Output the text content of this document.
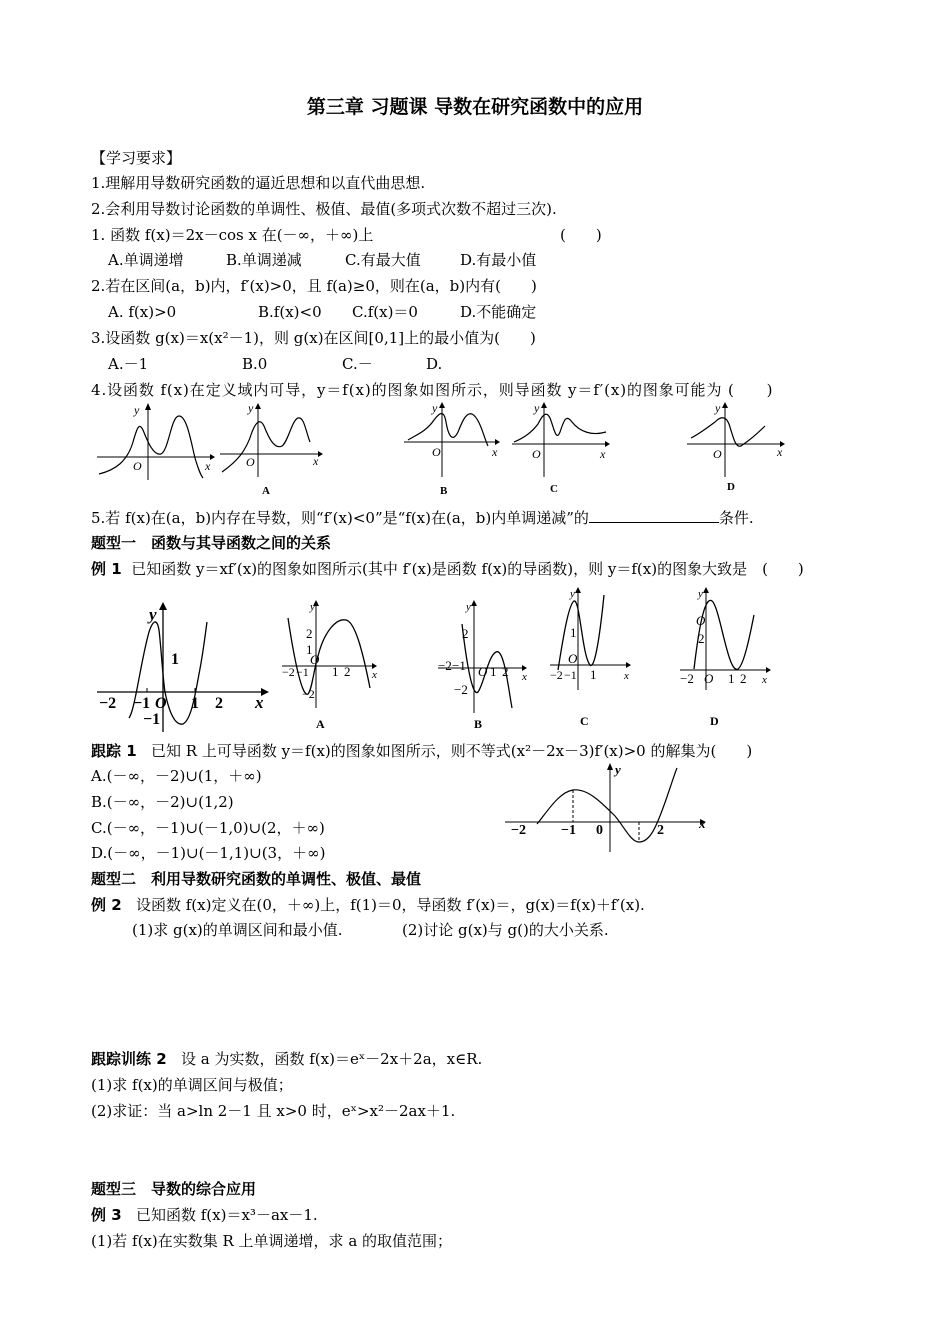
第三章 习题课 导数在研究函数中的应用
【学习要求】
1.理解用导数研究函数的逼近思想和以直代曲思想.
2.会利用导数讨论函数的单调性、极值、最值(多项式次数不超过三次).
1. 函数 f(x)＝2x－cos x 在(－∞，＋∞)上	(　　)
A.单调递增	B.单调递减	C.有最大值	D.有最小值
2.若在区间(a，b)内，f′(x)>0，且 f(a)≥0，则在(a，b)内有(　　)
A. f(x)>0	B.f(x)<0 C.f(x)＝0	D.不能确定
3.设函数 g(x)＝x(x²－1)，则 g(x)在区间[0,1]上的最小值为(　　)
A.－1	B.0	C.－	D.
4.设函数 f(x)在定义域内可导，y＝f(x)的图象如图所示，则导函数 y＝f′(x)的图象可能为 (　　)
y
x
O
y
x
O
A
y
x
O
B
y
x
O
C
y
x
O
D
5.若 f(x)在(a，b)内存在导数，则“f′(x)<0”是“f(x)在(a，b)内单调递减”的	条件.
题型一　函数与其导函数之间的关系
例 1 已知函数 y＝xf′(x)的图象如图所示(其中 f′(x)是函数 f(x)的导函数)，则 y＝f(x)的图象大致是　(　　)
y
x
−2 −1 O 1 2
1
−1
y
x
2
1
−2 −1
O
1 2
−2
A
y
x
2
−2 −1 O 1 2
−2
B
y
x
1
O
−2 −1 1
C
y
x
O
2
−2 O 1 2
D
跟踪 1 已知 R 上可导函数 y＝f(x)的图象如图所示，则不等式(x²－2x－3)f′(x)>0 的解集为(　　)
A.(－∞，－2)∪(1，＋∞)
B.(－∞，－2)∪(1,2)
C.(－∞，－1)∪(－1,0)∪(2，＋∞)
D.(－∞，－1)∪(－1,1)∪(3，＋∞)
y
x
−2	−1 0	2
题型二　利用导数研究函数的单调性、极值、最值
例 2 设函数 f(x)定义在(0，＋∞)上，f(1)＝0，导函数 f′(x)＝，g(x)＝f(x)＋f′(x).
(1)求 g(x)的单调区间和最小值.	(2)讨论 g(x)与 g()的大小关系.
跟踪训练 2 设 a 为实数，函数 f(x)＝eˣ－2x＋2a，x∈R.
(1)求 f(x)的单调区间与极值；
(2)求证：当 a>ln 2－1 且 x>0 时，eˣ>x²－2ax＋1.
题型三　导数的综合应用
例 3 已知函数 f(x)＝x³－ax－1.
(1)若 f(x)在实数集 R 上单调递增，求 a 的取值范围；
